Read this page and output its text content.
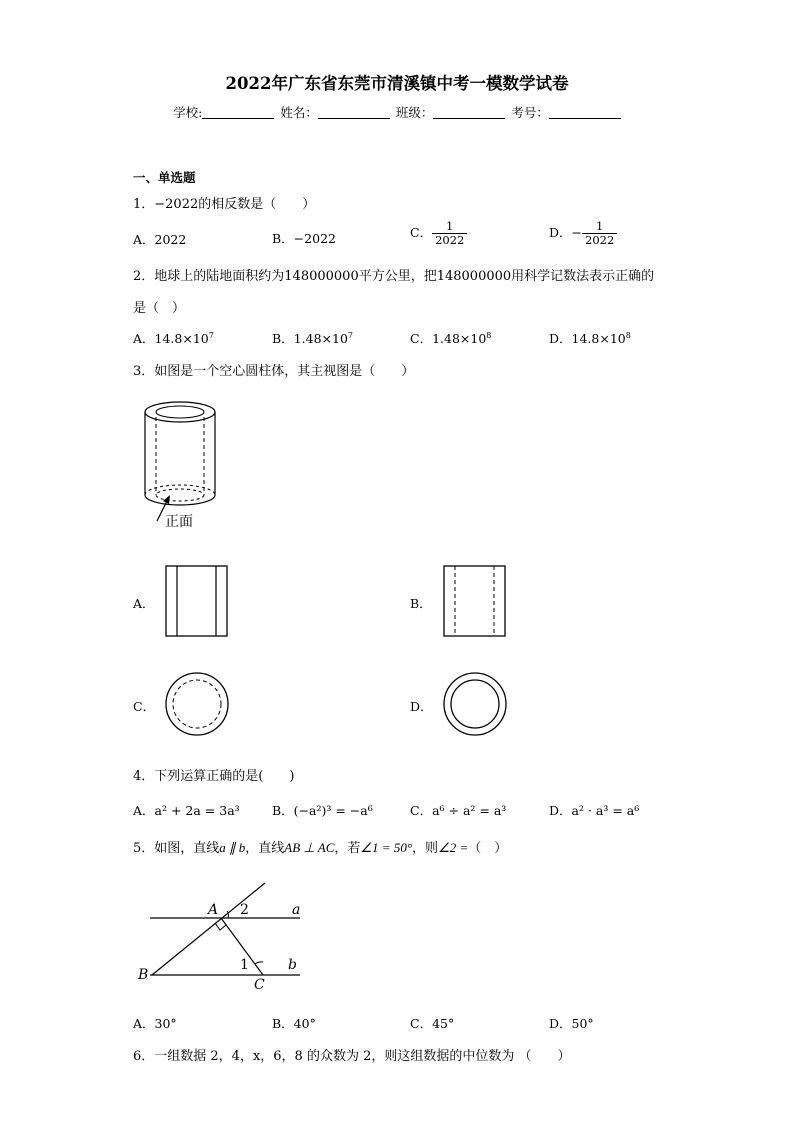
2022年广东省东莞市清溪镇中考一模数学试卷
学校:	姓名：	班级：	考号：
一、单选题
1．−2022的相反数是（　　）
A．2022	B．−2022	C． $\frac{1}{2022}$	D．− $\frac{1}{2022}$
2．地球上的陆地面积约为148000000平方公里，把148000000用科学记数法表示正确的
是（　）
A．$14.8\times 10^7$	B．$1.48\times 10^7$	C．$1.48\times 10^8$	D．$14.8\times 10^8$
3．如图是一个空心圆柱体，其主视图是（　　）
正面
A．	B．
C．	D．
4．下列运算正确的是(　　)
A．a² + 2a = 3a³	B．(−a²)³ = −a⁶	C．a⁶ ÷ a² = a³	D．a² · a³ = a⁶
5．如图，直线a ∥ b，直线AB ⊥ AC，若∠1 = 50°，则∠2 =（　）
A 2	a
1	b
B
C
A．30°	B．40°	C．45°	D．50°
6．一组数据 2，4，x，6，8 的众数为 2，则这组数据的中位数为 （　　）
